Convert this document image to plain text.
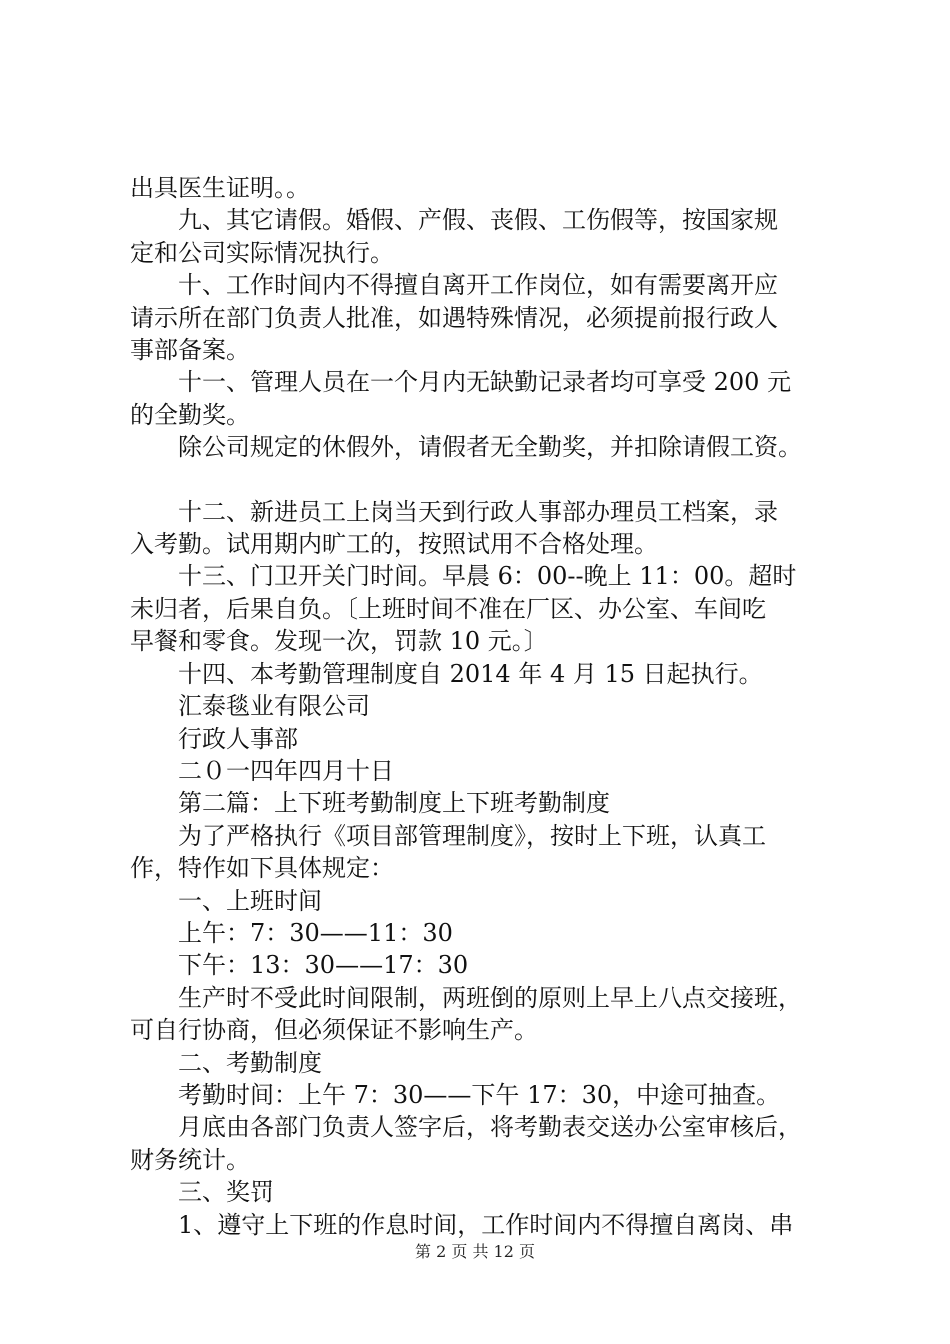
出具医生证明。。

九、其它请假。婚假、产假、丧假、工伤假等，按国家规

定和公司实际情况执行。

十、工作时间内不得擅自离开工作岗位，如有需要离开应

请示所在部门负责人批准，如遇特殊情况，必须提前报行政人

事部备案。

十一、管理人员在一个月内无缺勤记录者均可享受 200 元

的全勤奖。

除公司规定的休假外，请假者无全勤奖，并扣除请假工资。

十二、新进员工上岗当天到行政人事部办理员工档案，录

入考勤。试用期内旷工的，按照试用不合格处理。

十三、门卫开关门时间。早晨 6：00--晚上 11：00。超时

未归者，后果自负。〔上班时间不准在厂区、办公室、车间吃

早餐和零食。发现一次，罚款 10 元。〕

十四、本考勤管理制度自 2014 年 4 月 15 日起执行。

汇泰毯业有限公司

行政人事部

二０一四年四月十日

第二篇：上下班考勤制度上下班考勤制度

为了严格执行《项目部管理制度》，按时上下班，认真工

作，特作如下具体规定：

一、上班时间

上午：7：30——11：30

下午：13：30——17：30

生产时不受此时间限制，两班倒的原则上早上八点交接班，

可自行协商，但必须保证不影响生产。

二、考勤制度

考勤时间：上午 7：30——下午 17：30，中途可抽查。

月底由各部门负责人签字后，将考勤表交送办公室审核后，

财务统计。

三、奖罚

1、遵守上下班的作息时间，工作时间内不得擅自离岗、串

第 2 页 共 12 页
